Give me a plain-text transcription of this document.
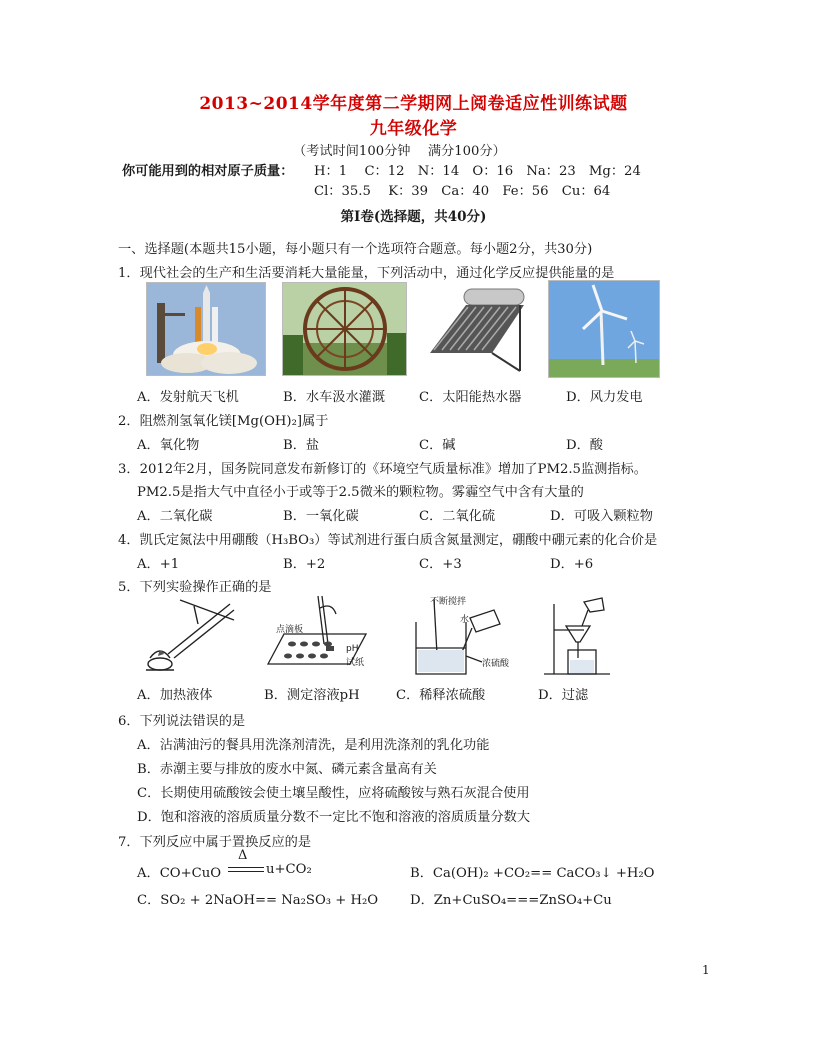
2013~2014学年度第二学期网上阅卷适应性训练试题
九年级化学
（考试时间100分钟　 满分100分）
你可能用到的相对原子质量： H：1　 C：12　N：14　O：16　Na：23　Mg：24
Cl：35.5　 K：39　Ca：40　Fe：56　Cu：64
第Ⅰ卷(选择题，共40分)
一、选择题(本题共15小题，每小题只有一个选项符合题意。每小题2分，共30分)
1．现代社会的生产和生活要消耗大量能量，下列活动中，通过化学反应提供能量的是
A．发射航天飞机	B．水车汲水灌溉	C．太阳能热水器	D．风力发电
2．阻燃剂氢氧化镁[Mg(OH)₂]属于
A．氧化物	B．盐	C．碱	D．酸
3．2012年2月，国务院同意发布新修订的《环境空气质量标准》增加了PM2.5监测指标。
PM2.5是指大气中直径小于或等于2.5微米的颗粒物。雾霾空气中含有大量的
A．二氧化碳	B．一氧化碳	C．二氧化硫	D．可吸入颗粒物
4．凯氏定氮法中用硼酸（H₃BO₃）等试剂进行蛋白质含氮量测定，硼酸中硼元素的化合价是
A．+1	B．+2	C．+3	D．+6
5．下列实验操作正确的是
点滴板
pH
试纸
不断搅拌
水
浓硫酸
A．加热液体	B．测定溶液pH	C．稀释浓硫酸	D．过滤
6．下列说法错误的是
A．沾满油污的餐具用洗涤剂清洗，是利用洗涤剂的乳化功能
B．赤潮主要与排放的废水中氮、磷元素含量高有关
C．长期使用硫酸铵会使土壤呈酸性，应将硫酸铵与熟石灰混合使用
D．饱和溶液的溶质质量分数不一定比不饱和溶液的溶质质量分数大
7．下列反应中属于置换反应的是
A．CO+CuO
Δ
u+CO₂	B．Ca(OH)₂ +CO₂== CaCO₃↓ +H₂O
C．SO₂ + 2NaOH== Na₂SO₃ + H₂O D．Zn+CuSO₄===ZnSO₄+Cu
1
